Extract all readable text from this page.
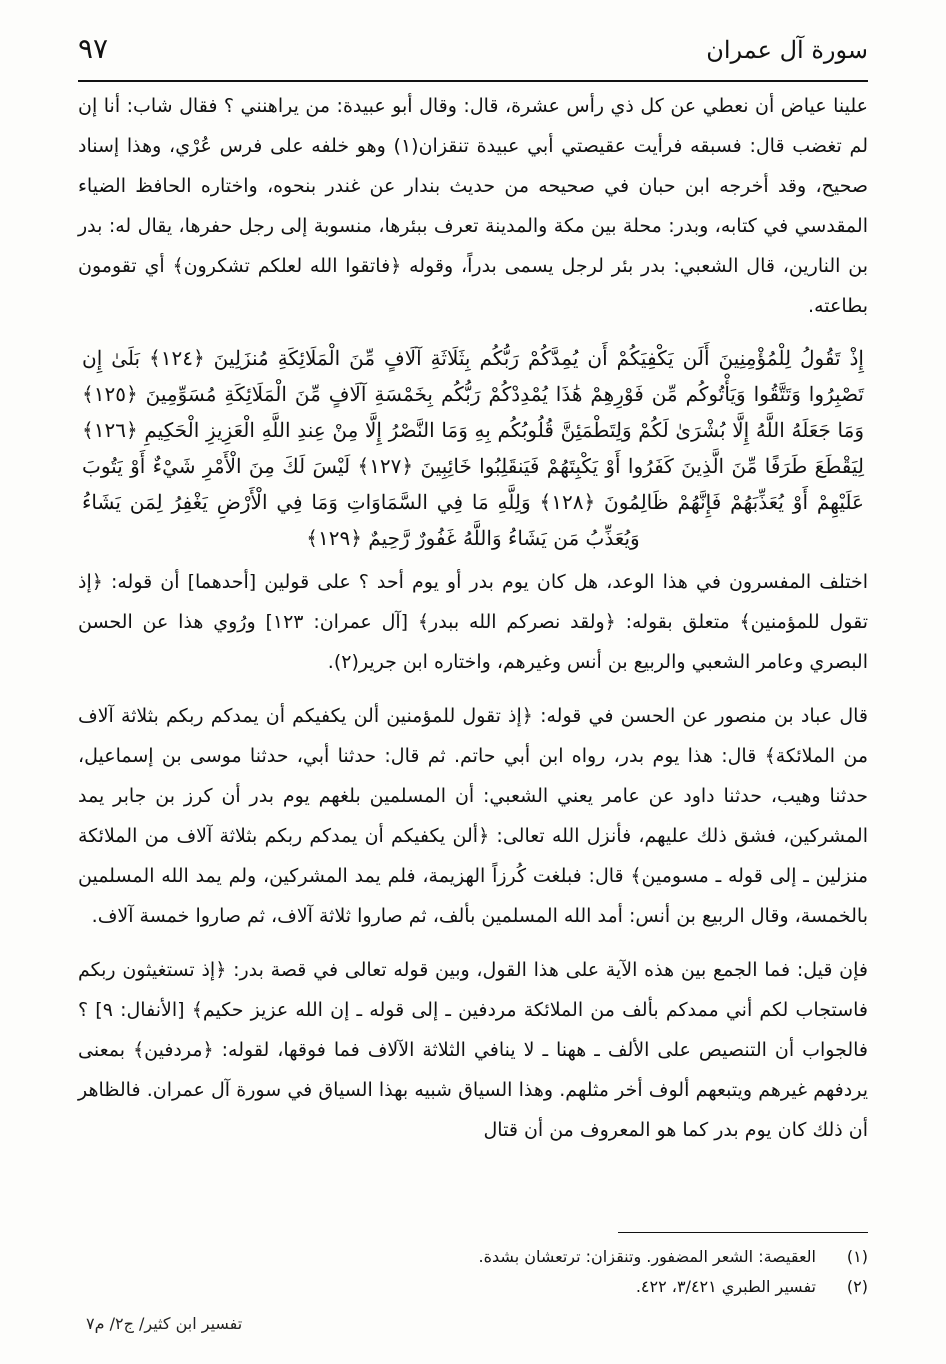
سورة آل عمران
٩٧

علينا عياض أن نعطي عن كل ذي رأس عشرة، قال: وقال أبو عبيدة: من يراهنني ؟ فقال شاب: أنا إن لم تغضب قال: فسبقه فرأيت عقيصتي أبي عبيدة تنقزان(١) وهو خلفه على فرس عُرْي، وهذا إسناد صحيح، وقد أخرجه ابن حبان في صحيحه من حديث بندار عن غندر بنحوه، واختاره الحافظ الضياء المقدسي في كتابه، وبدر: محلة بين مكة والمدينة تعرف ببئرها، منسوبة إلى رجل حفرها، يقال له: بدر بن النارين، قال الشعبي: بدر بئر لرجل يسمى بدراً، وقوله ﴿فاتقوا الله لعلكم تشكرون﴾ أي تقومون بطاعته.

إِذْ تَقُولُ لِلْمُؤْمِنِينَ أَلَن يَكْفِيَكُمْ أَن يُمِدَّكُمْ رَبُّكُم بِثَلَاثَةِ آلَافٍ مِّنَ الْمَلَائِكَةِ مُنزَلِينَ ﴿١٢٤﴾ بَلَىٰ إِن تَصْبِرُوا وَتَتَّقُوا وَيَأْتُوكُم مِّن فَوْرِهِمْ هَٰذَا يُمْدِدْكُمْ رَبُّكُم بِخَمْسَةِ آلَافٍ مِّنَ الْمَلَائِكَةِ مُسَوِّمِينَ ﴿١٢٥﴾ وَمَا جَعَلَهُ اللَّهُ إِلَّا بُشْرَىٰ لَكُمْ وَلِتَطْمَئِنَّ قُلُوبُكُم بِهِ وَمَا النَّصْرُ إِلَّا مِنْ عِندِ اللَّهِ الْعَزِيزِ الْحَكِيمِ ﴿١٢٦﴾ لِيَقْطَعَ طَرَفًا مِّنَ الَّذِينَ كَفَرُوا أَوْ يَكْبِتَهُمْ فَيَنقَلِبُوا خَائِبِينَ ﴿١٢٧﴾ لَيْسَ لَكَ مِنَ الْأَمْرِ شَيْءٌ أَوْ يَتُوبَ عَلَيْهِمْ أَوْ يُعَذِّبَهُمْ فَإِنَّهُمْ ظَالِمُونَ ﴿١٢٨﴾ وَلِلَّهِ مَا فِي السَّمَاوَاتِ وَمَا فِي الْأَرْضِ يَغْفِرُ لِمَن يَشَاءُ وَيُعَذِّبُ مَن يَشَاءُ وَاللَّهُ غَفُورٌ رَّحِيمٌ ﴿١٢٩﴾

اختلف المفسرون في هذا الوعد، هل كان يوم بدر أو يوم أحد ؟ على قولين [أحدهما] أن قوله: ﴿إذ تقول للمؤمنين﴾ متعلق بقوله: ﴿ولقد نصركم الله ببدر﴾ [آل عمران: ١٢٣] ورُوي هذا عن الحسن البصري وعامر الشعبي والربيع بن أنس وغيرهم، واختاره ابن جرير(٢).

قال عباد بن منصور عن الحسن في قوله: ﴿إذ تقول للمؤمنين ألن يكفيكم أن يمدكم ربكم بثلاثة آلاف من الملائكة﴾ قال: هذا يوم بدر، رواه ابن أبي حاتم. ثم قال: حدثنا أبي، حدثنا موسى بن إسماعيل، حدثنا وهيب، حدثنا داود عن عامر يعني الشعبي: أن المسلمين بلغهم يوم بدر أن كرز بن جابر يمد المشركين، فشق ذلك عليهم، فأنزل الله تعالى: ﴿ألن يكفيكم أن يمدكم ربكم بثلاثة آلاف من الملائكة منزلين ـ إلى قوله ـ مسومين﴾ قال: فبلغت كُرزاً الهزيمة، فلم يمد المشركين، ولم يمد الله المسلمين بالخمسة، وقال الربيع بن أنس: أمد الله المسلمين بألف، ثم صاروا ثلاثة آلاف، ثم صاروا خمسة آلاف.

فإن قيل: فما الجمع بين هذه الآية على هذا القول، وبين قوله تعالى في قصة بدر: ﴿إذ تستغيثون ربكم فاستجاب لكم أني ممدكم بألف من الملائكة مردفين ـ إلى قوله ـ إن الله عزيز حكيم﴾ [الأنفال: ٩] ؟ فالجواب أن التنصيص على الألف ـ ههنا ـ لا ينافي الثلاثة الآلاف فما فوقها، لقوله: ﴿مردفين﴾ بمعنى يردفهم غيرهم ويتبعهم ألوف أخر مثلهم. وهذا السياق شبيه بهذا السياق في سورة آل عمران. فالظاهر أن ذلك كان يوم بدر كما هو المعروف من أن قتال

(١)
العقيصة: الشعر المضفور. وتنقزان: ترتعشان بشدة.
(٢)
تفسير الطبري ٣/٤٢١، ٤٢٢.
تفسير ابن كثير/ ج٢/ م٧
